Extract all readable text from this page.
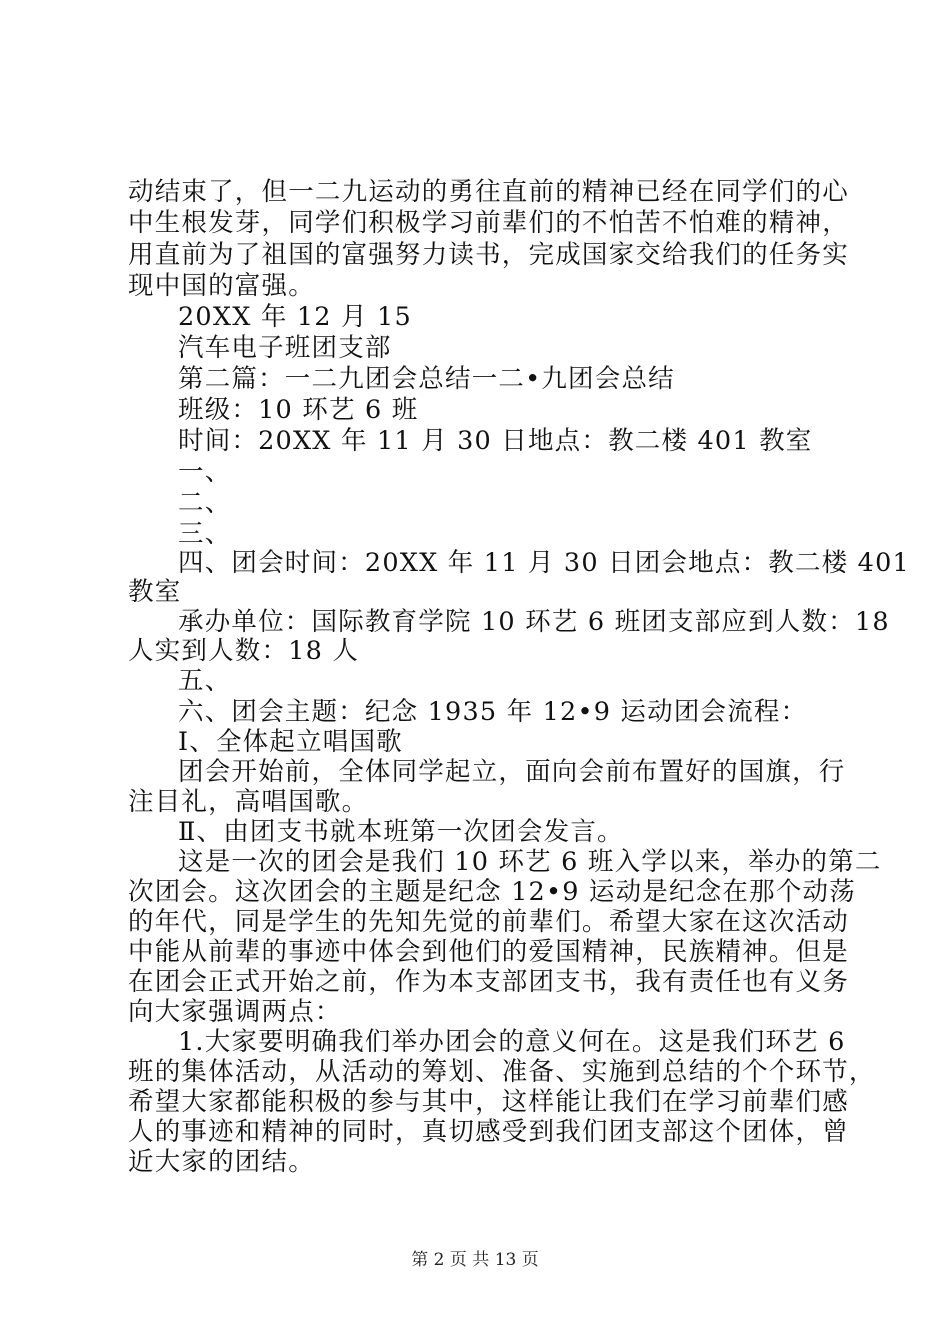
动结束了，但一二九运动的勇往直前的精神已经在同学们的心
中生根发芽，同学们积极学习前辈们的不怕苦不怕难的精神，
用直前为了祖国的富强努力读书，完成国家交给我们的任务实
现中国的富强。
20XX 年 12 月 15
汽车电子班团支部
第二篇：一二九团会总结一二•九团会总结
班级：10 环艺 6 班
时间：20XX 年 11 月 30 日地点：教二楼 401 教室
一、
二、
三、
四、团会时间：20XX 年 11 月 30 日团会地点：教二楼 401
教室
承办单位：国际教育学院 10 环艺 6 班团支部应到人数：18
人实到人数：18 人
五、
六、团会主题：纪念 1935 年 12•9 运动团会流程：
Ⅰ、全体起立唱国歌
团会开始前，全体同学起立，面向会前布置好的国旗，行
注目礼，高唱国歌。
Ⅱ、由团支书就本班第一次团会发言。
这是一次的团会是我们 10 环艺 6 班入学以来，举办的第二
次团会。这次团会的主题是纪念 12•9 运动是纪念在那个动荡
的年代，同是学生的先知先觉的前辈们。希望大家在这次活动
中能从前辈的事迹中体会到他们的爱国精神，民族精神。但是
在团会正式开始之前，作为本支部团支书，我有责任也有义务
向大家强调两点：
1.大家要明确我们举办团会的意义何在。这是我们环艺 6
班的集体活动，从活动的筹划、准备、实施到总结的个个环节，
希望大家都能积极的参与其中，这样能让我们在学习前辈们感
人的事迹和精神的同时，真切感受到我们团支部这个团体，曾
近大家的团结。
第 2 页 共 13 页
